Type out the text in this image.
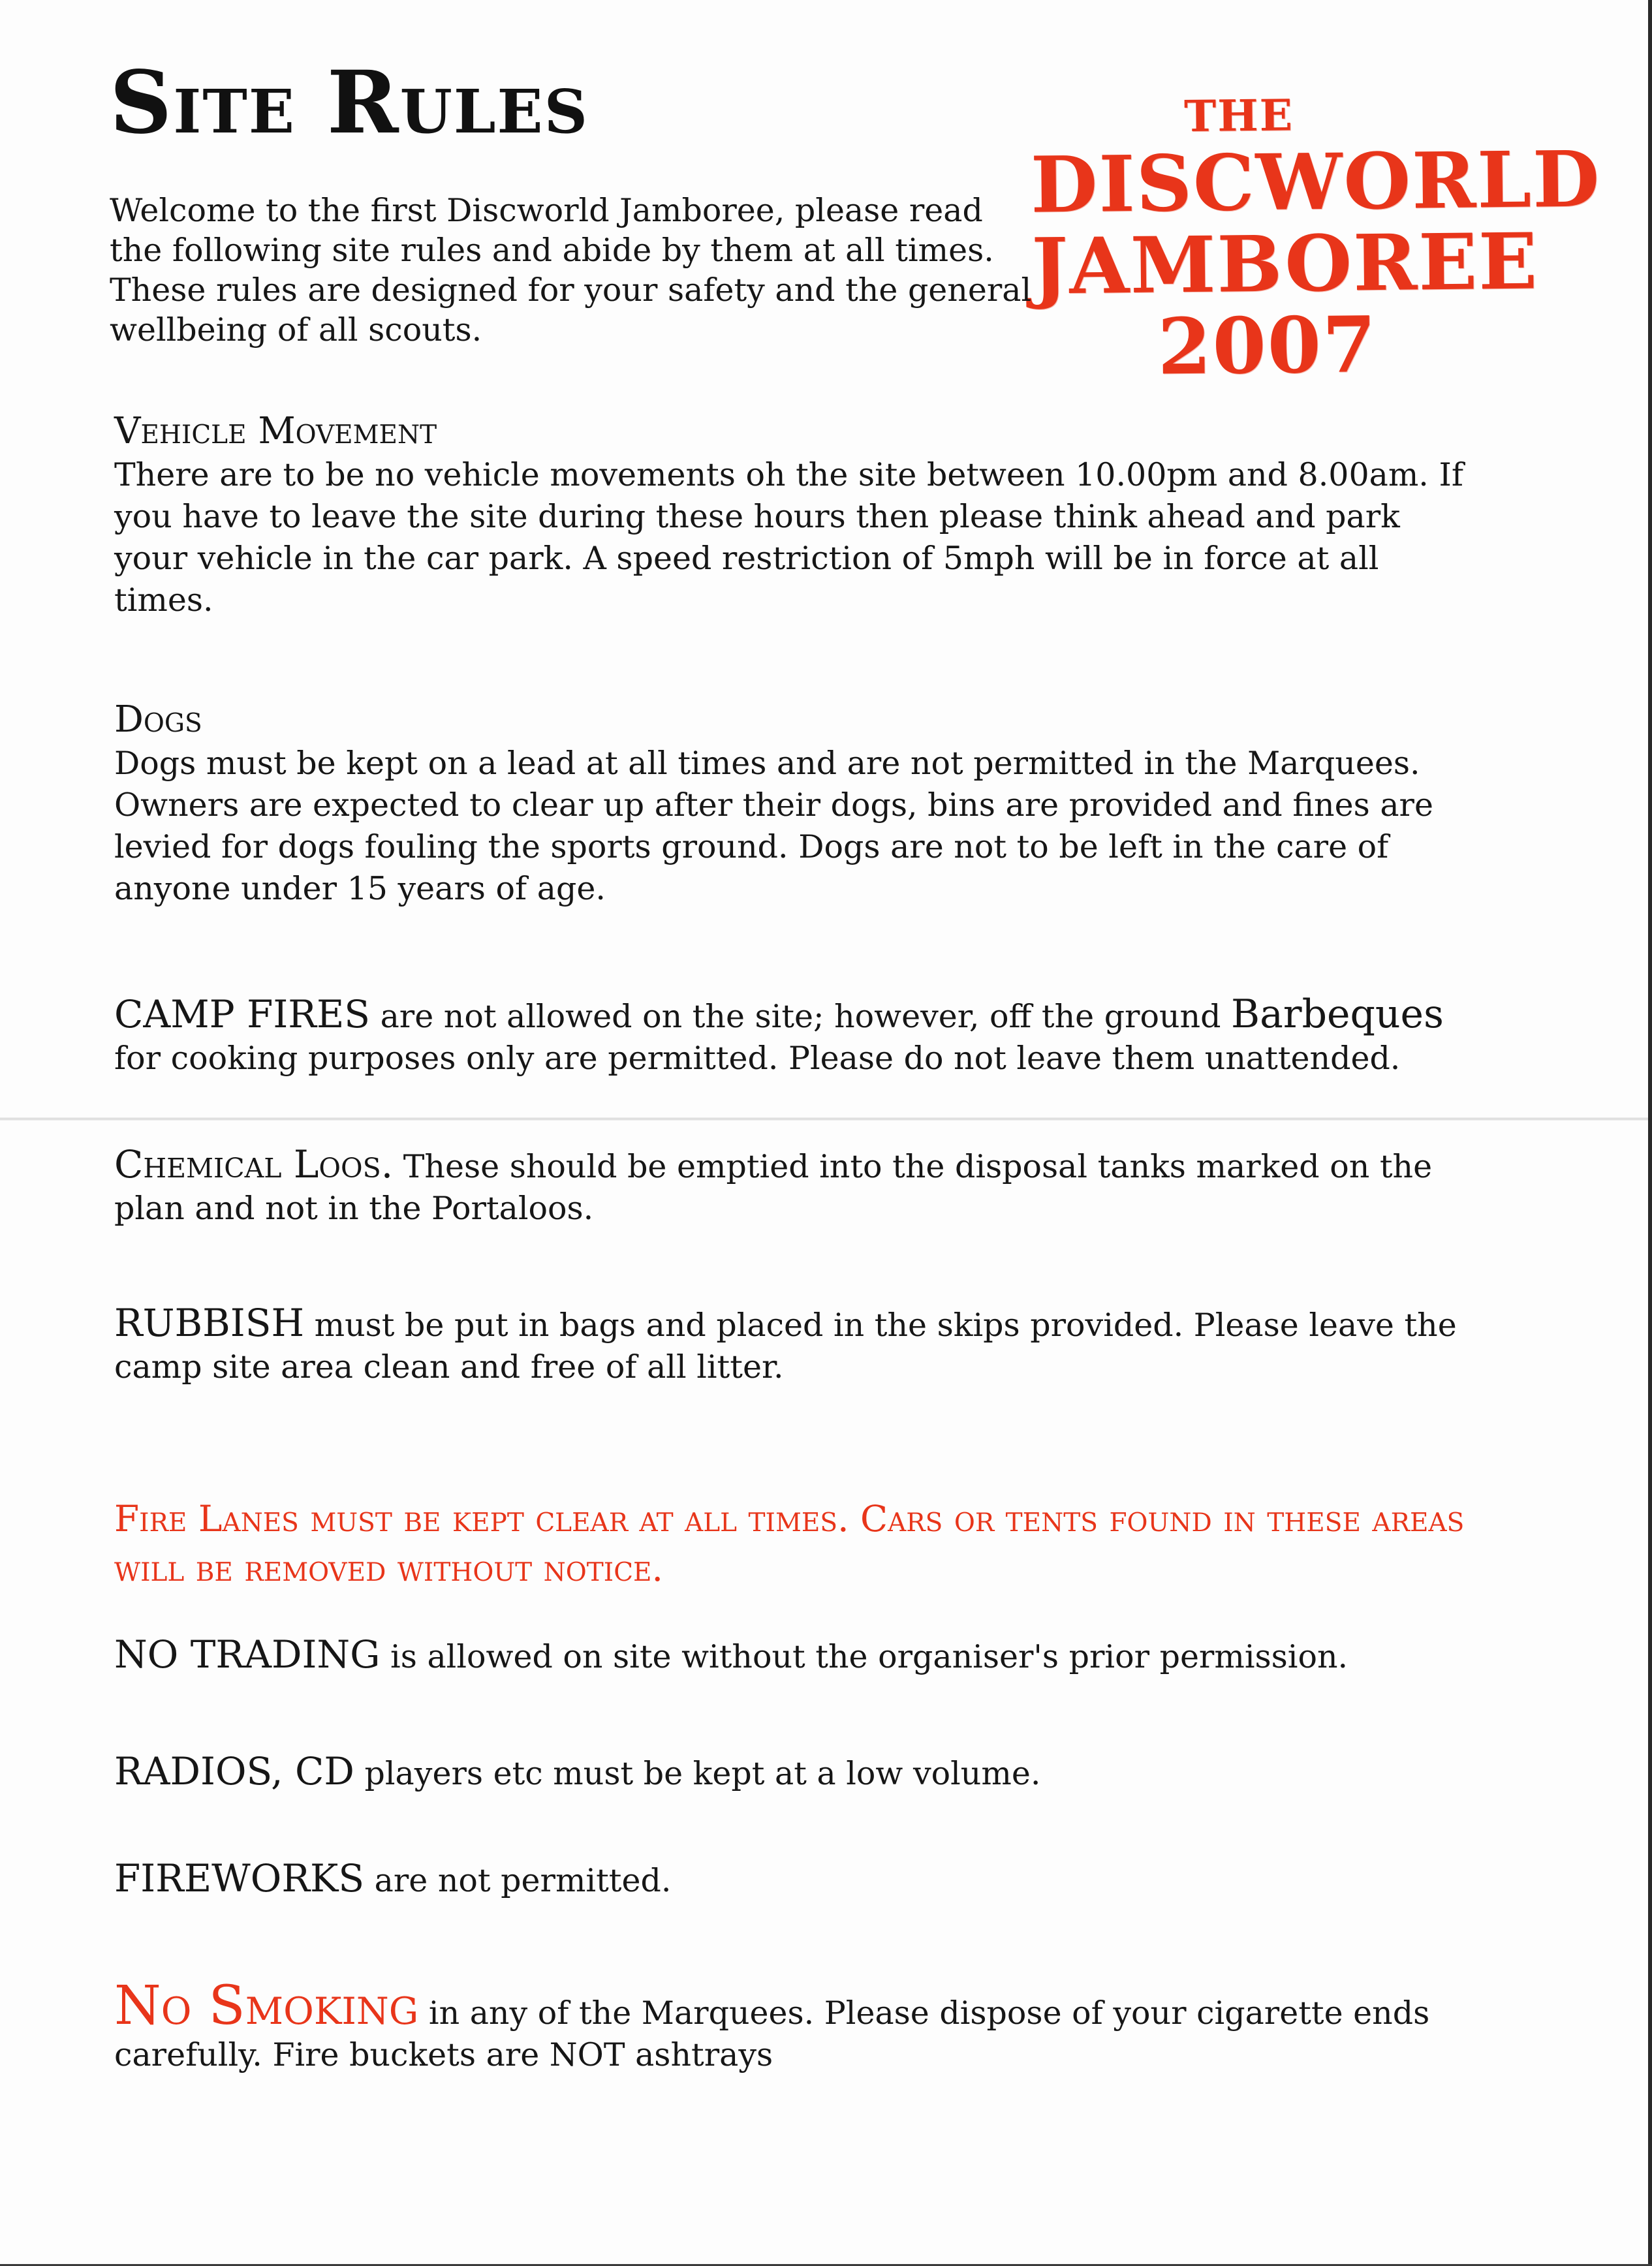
Site Rules	THE
DISCWORLD
JAMBOREE
2007

Welcome to the first Discworld Jamboree, please read the following site rules and abide by them at all times. These rules are designed for your safety and the general wellbeing of all scouts.

Vehicle Movement

There are to be no vehicle movements oh the site between 10.00pm and 8.00am. If you have to leave the site during these hours then please think ahead and park your vehicle in the car park. A speed restriction of 5mph will be in force at all times.

Dogs

Dogs must be kept on a lead at all times and are not permitted in the Marquees. Owners are expected to clear up after their dogs, bins are provided and fines are levied for dogs fouling the sports ground. Dogs are not to be left in the care of anyone under 15 years of age.

CAMP FIRES are not allowed on the site; however, off the ground Barbeques for cooking purposes only are permitted. Please do not leave them unattended.

Chemical Loos. These should be emptied into the disposal tanks marked on the plan and not in the Portaloos.

RUBBISH must be put in bags and placed in the skips provided. Please leave the camp site area clean and free of all litter.

Fire Lanes must be kept clear at all times. Cars or tents found in these areas will be removed without notice.

NO TRADING is allowed on site without the organiser's prior permission.

RADIOS, CD players etc must be kept at a low volume.

FIREWORKS are not permitted.

No Smoking in any of the Marquees. Please dispose of your cigarette ends carefully. Fire buckets are NOT ashtrays
